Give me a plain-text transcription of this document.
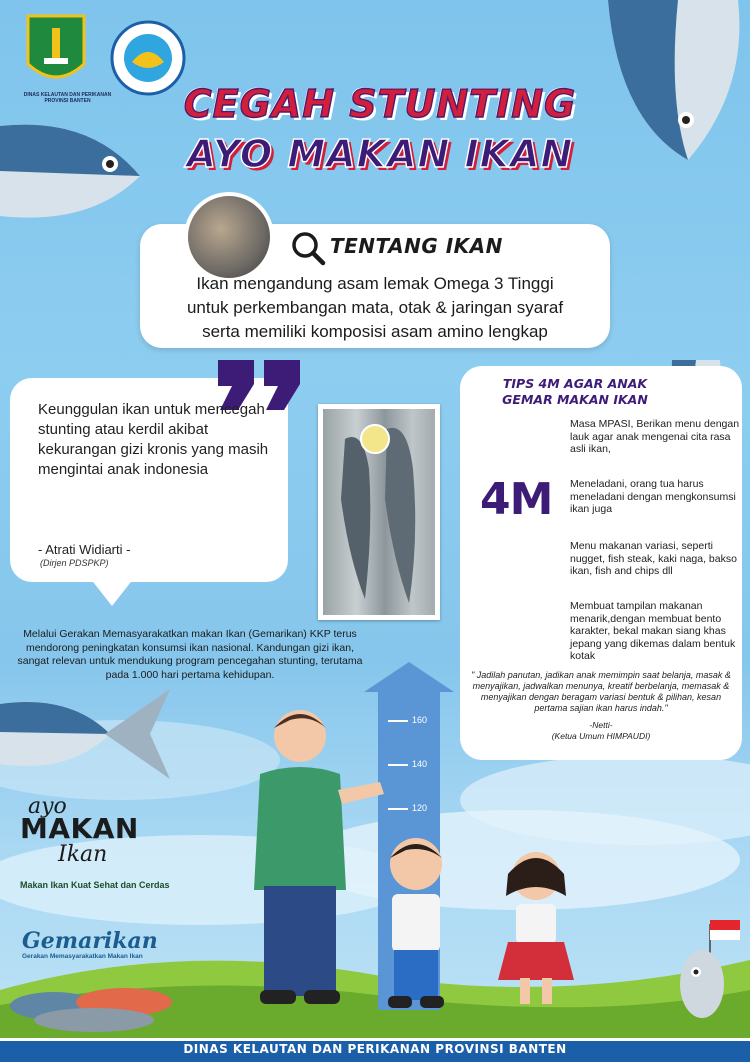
DINAS KELAUTAN DAN PERIKANAN PROVINSI BANTEN	CEGAH STUNTING
AYO MAKAN IKAN
TENTANG IKAN
Ikan mengandung asam lemak Omega 3 Tinggi
untuk perkembangan mata, otak & jaringan syaraf
serta memiliki komposisi asam amino lengkap
Keunggulan ikan untuk mencegah stunting atau kerdil akibat kekurangan gizi kronis yang masih mengintai anak indonesia
- Atrati Widiarti -
(Dirjen PDSPKP)
Melalui Gerakan Memasyarakatkan makan Ikan (Gemarikan) KKP terus mendorong peningkatan konsumsi ikan nasional. Kandungan gizi ikan, sangat relevan untuk mendukung program pencegahan stunting, terutama pada 1.000 hari pertama kehidupan.
TIPS 4M AGAR ANAK
GEMAR MAKAN IKAN
4M
Masa MPASI, Berikan menu dengan lauk agar anak mengenai cita rasa asli ikan,
Meneladani, orang tua harus meneladani dengan mengkonsumsi ikan juga
Menu makanan variasi, seperti nugget, fish steak, kaki naga, bakso ikan, fish and chips dll
Membuat tampilan makanan menarik,dengan membuat bento karakter, bekal makan siang khas jepang yang dikemas dalam bentuk kotak
" Jadilah panutan, jadikan anak memimpin saat belanja, masak & menyajikan, jadwalkan menunya, kreatif berbelanja, memasak & menyajikan dengan beragam variasi bentuk & pilihan, kesan pertama sajian ikan harus indah."
-Netti-
(Ketua Umum HIMPAUDI)
160
140
120
ayo
MAKAN
Ikan
Makan Ikan Kuat Sehat dan Cerdas
Gemarikan
Gerakan Memasyarakatkan Makan Ikan
DINAS KELAUTAN DAN PERIKANAN PROVINSI BANTEN
